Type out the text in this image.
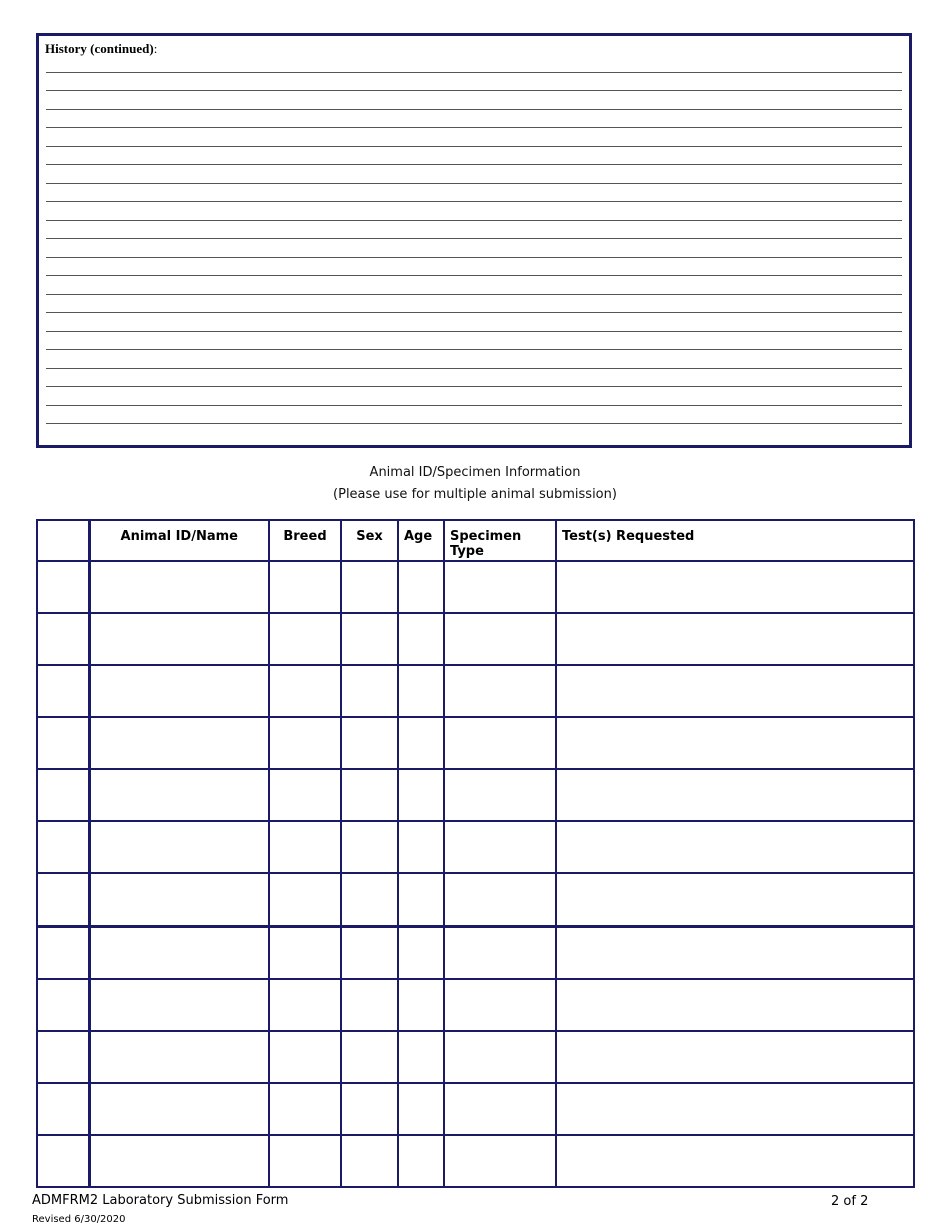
History (continued):
Animal ID/Specimen Information
(Please use for multiple animal submission)
	Animal ID/Name	Breed	Sex	Age	Specimen Type	Test(s) Requested

ADMFRM2 Laboratory Submission Form
Revised 6/30/2020
2 of 2
